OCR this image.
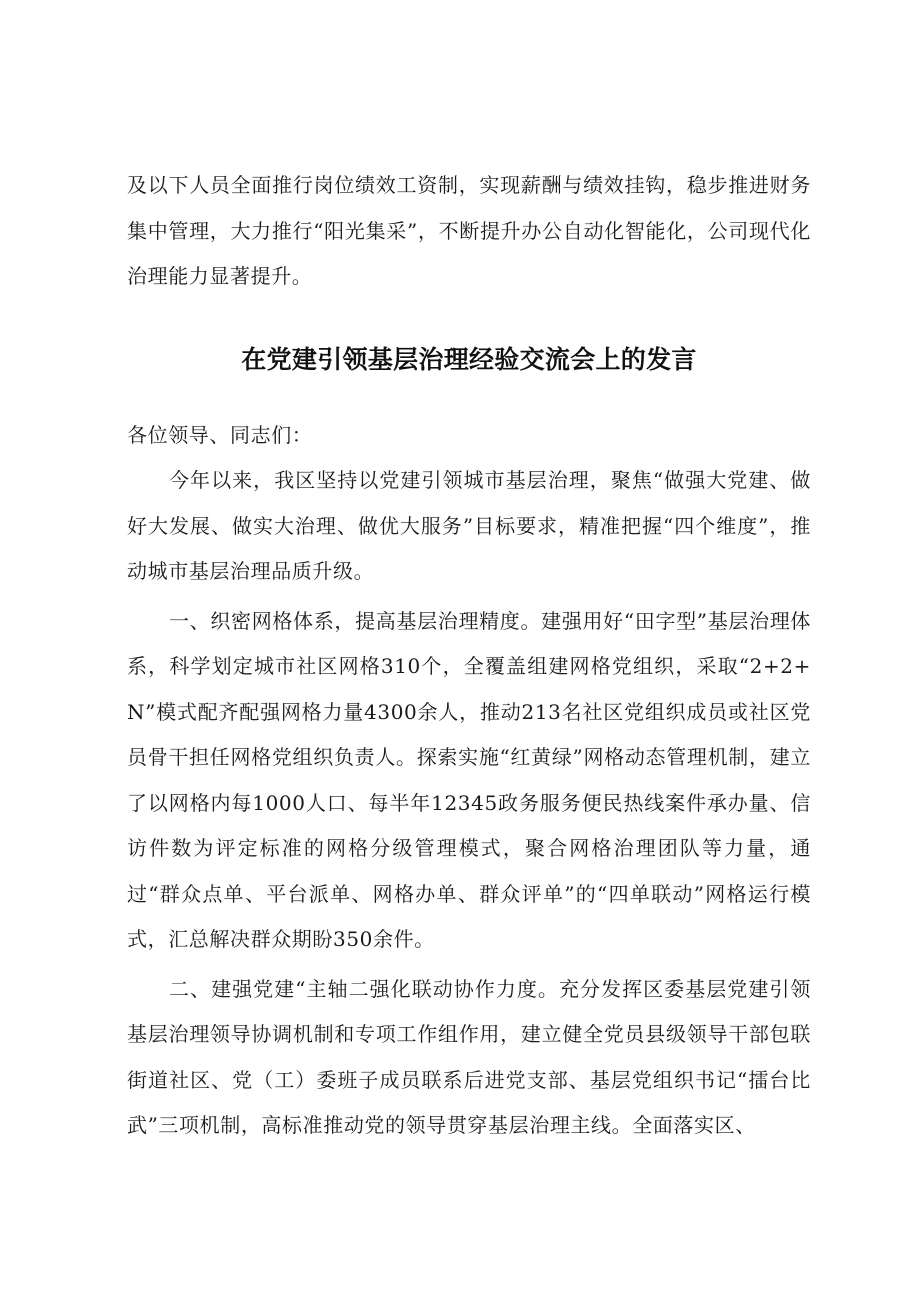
及以下人员全面推行岗位绩效工资制，实现薪酬与绩效挂钩，稳步推进财务集中管理，大力推行“阳光集采”，不断提升办公自动化智能化，公司现代化治理能力显著提升。

在党建引领基层治理经验交流会上的发言

各位领导、同志们：

今年以来，我区坚持以党建引领城市基层治理，聚焦“做强大党建、做好大发展、做实大治理、做优大服务”目标要求，精准把握“四个维度”，推动城市基层治理品质升级。

一、织密网格体系，提高基层治理精度。建强用好“田字型”基层治理体系，科学划定城市社区网格310个，全覆盖组建网格党组织，采取“2+2+N”模式配齐配强网格力量4300余人，推动213名社区党组织成员或社区党员骨干担任网格党组织负责人。探索实施“红黄绿”网格动态管理机制，建立了以网格内每1000人口、每半年12345政务服务便民热线案件承办量、信访件数为评定标准的网格分级管理模式，聚合网格治理团队等力量，通过“群众点单、平台派单、网格办单、群众评单”的“四单联动”网格运行模式，汇总解决群众期盼350余件。

二、建强党建“主轴二强化联动协作力度。充分发挥区委基层党建引领基层治理领导协调机制和专项工作组作用，建立健全党员县级领导干部包联街道社区、党（工）委班子成员联系后进党支部、基层党组织书记“擂台比武”三项机制，高标准推动党的领导贯穿基层治理主线。全面落实区、
